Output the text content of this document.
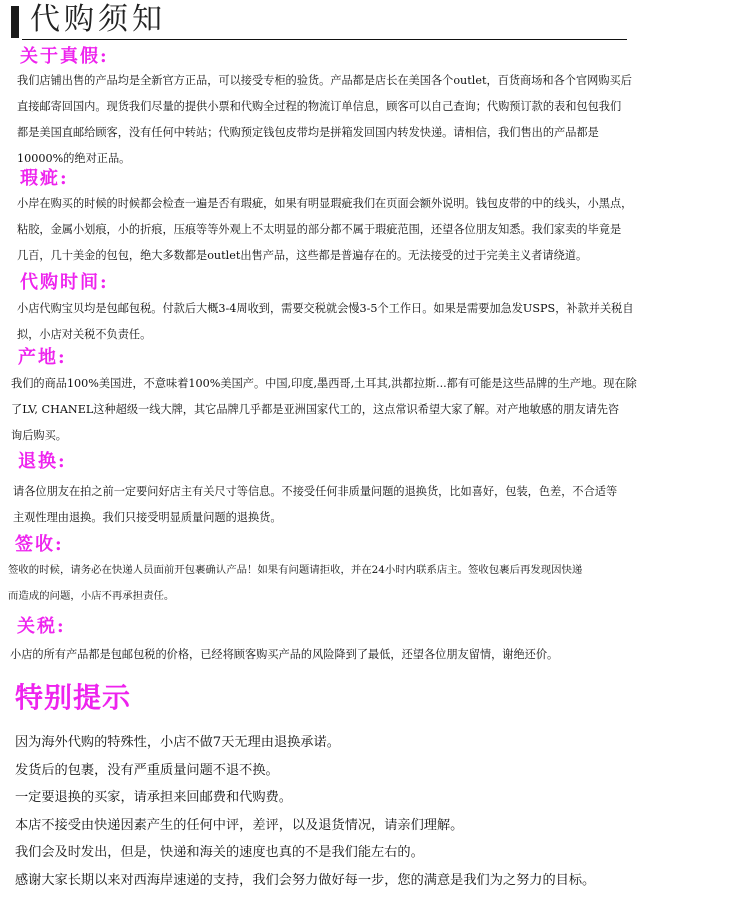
代购须知
关于真假:
我们店铺出售的产品均是全新官方正品，可以接受专柜的验货。产品都是店长在美国各个outlet，百货商场和各个官网购买后
直接邮寄回国内。现货我们尽量的提供小票和代购全过程的物流订单信息，顾客可以自己查询；代购预订款的表和包包我们
都是美国直邮给顾客，没有任何中转站；代购预定钱包皮带均是拼箱发回国内转发快递。请相信，我们售出的产品都是
10000%的绝对正品。
瑕疵:
小岸在购买的时候的时候都会检查一遍是否有瑕疵，如果有明显瑕疵我们在页面会额外说明。钱包皮带的中的线头，小黑点，
粘胶，金属小划痕，小的折痕，压痕等等外观上不太明显的部分都不属于瑕疵范围，还望各位朋友知悉。我们家卖的毕竟是
几百，几十美金的包包，绝大多数都是outlet出售产品，这些都是普遍存在的。无法接受的过于完美主义者请绕道。
代购时间:
小店代购宝贝均是包邮包税。付款后大概3-4周收到，需要交税就会慢3-5个工作日。如果是需要加急发USPS，补款并关税自
拟，小店对关税不负责任。
产地:
我们的商品100%美国进，不意味着100%美国产。中国,印度,墨西哥,土耳其,洪都拉斯...都有可能是这些品牌的生产地。现在除
了LV, CHANEL这种超级一线大牌，其它品牌几乎都是亚洲国家代工的，这点常识希望大家了解。对产地敏感的朋友请先咨
询后购买。
退换:
请各位朋友在拍之前一定要问好店主有关尺寸等信息。不接受任何非质量问题的退换货，比如喜好，包装，色差，不合适等
主观性理由退换。我们只接受明显质量问题的退换货。
签收:
签收的时候，请务必在快递人员面前开包裹确认产品！如果有问题请拒收，并在24小时内联系店主。签收包裹后再发现因快递
而造成的问题，小店不再承担责任。
关税:
小店的所有产品都是包邮包税的价格，已经将顾客购买产品的风险降到了最低，还望各位朋友留情，谢绝还价。
特别提示
因为海外代购的特殊性，小店不做7天无理由退换承诺。
发货后的包裹，没有严重质量问题不退不换。
一定要退换的买家，请承担来回邮费和代购费。
本店不接受由快递因素产生的任何中评，差评，以及退货情况，请亲们理解。
我们会及时发出，但是，快递和海关的速度也真的不是我们能左右的。
感谢大家长期以来对西海岸速递的支持，我们会努力做好每一步，您的满意是我们为之努力的目标。
